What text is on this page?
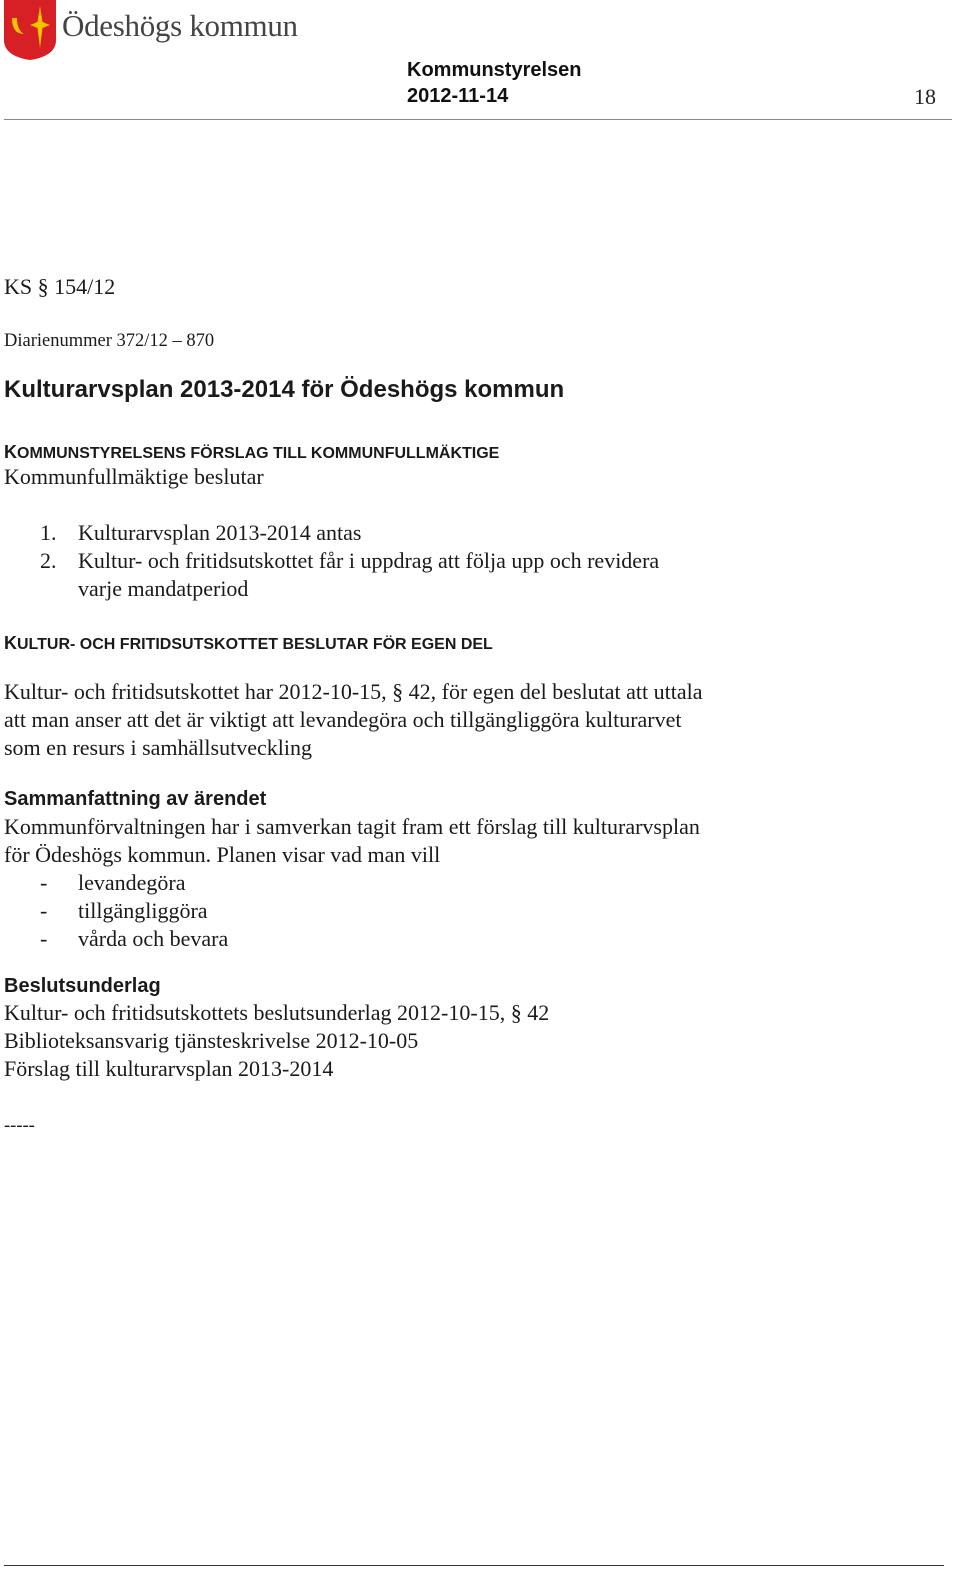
Ödeshögs kommun
Kommunstyrelsen
2012-11-14	18
KS § 154/12
Diarienummer 372/12 – 870
Kulturarvsplan 2013-2014 för Ödeshögs kommun
KOMMUNSTYRELSENS FÖRSLAG TILL KOMMUNFULLMÄKTIGE
Kommunfullmäktige beslutar
1. Kulturarvsplan 2013-2014 antas
2. Kultur- och fritidsutskottet får i uppdrag att följa upp och revidera
varje mandatperiod
KULTUR- OCH FRITIDSUTSKOTTET BESLUTAR FÖR EGEN DEL
Kultur- och fritidsutskottet har 2012-10-15, § 42, för egen del beslutat att uttala
att man anser att det är viktigt att levandegöra och tillgängliggöra kulturarvet
som en resurs i samhällsutveckling
Sammanfattning av ärendet
Kommunförvaltningen har i samverkan tagit fram ett förslag till kulturarvsplan
för Ödeshögs kommun. Planen visar vad man vill
- levandegöra
- tillgängliggöra
- vårda och bevara
Beslutsunderlag
Kultur- och fritidsutskottets beslutsunderlag 2012-10-15, § 42
Biblioteksansvarig tjänsteskrivelse 2012-10-05
Förslag till kulturarvsplan 2013-2014
-----
